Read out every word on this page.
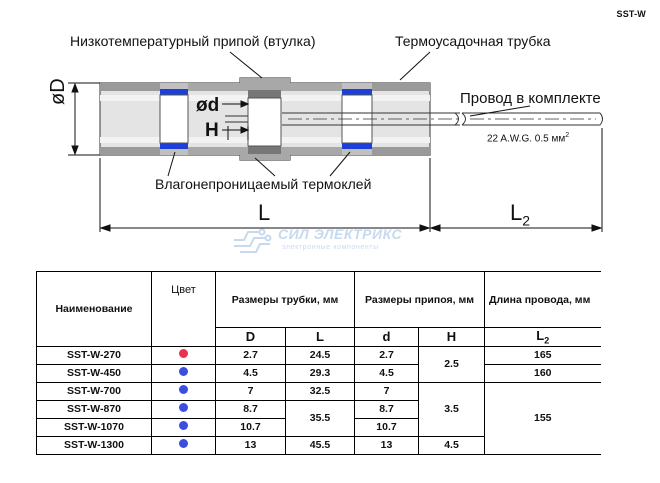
SST-W
Низкотемпературный припой (втулка)	Термоусадочная трубка
Провод в комплекте
Влагонепроницаемый термоклей
22 A.W.G. 0.5 $мм^2$
øD
ød
H
L	$L_2$
СИЛ ЭЛЕКТРИКС
электронные компоненты
Наименование	Цвет	Размеры трубки, мм		Размеры припоя, мм		Длина провода, мм
		D	L	d	H	$L_2$
SST-W-270		2.7	24.5	2.7	2.5	165
SST-W-450		4.5	29.3	4.5		160
SST-W-700		7	32.5	7	3.5	155
SST-W-870		8.7	35.5	8.7		
SST-W-1070		10.7		10.7		
SST-W-1300		13	45.5	13	4.5	
